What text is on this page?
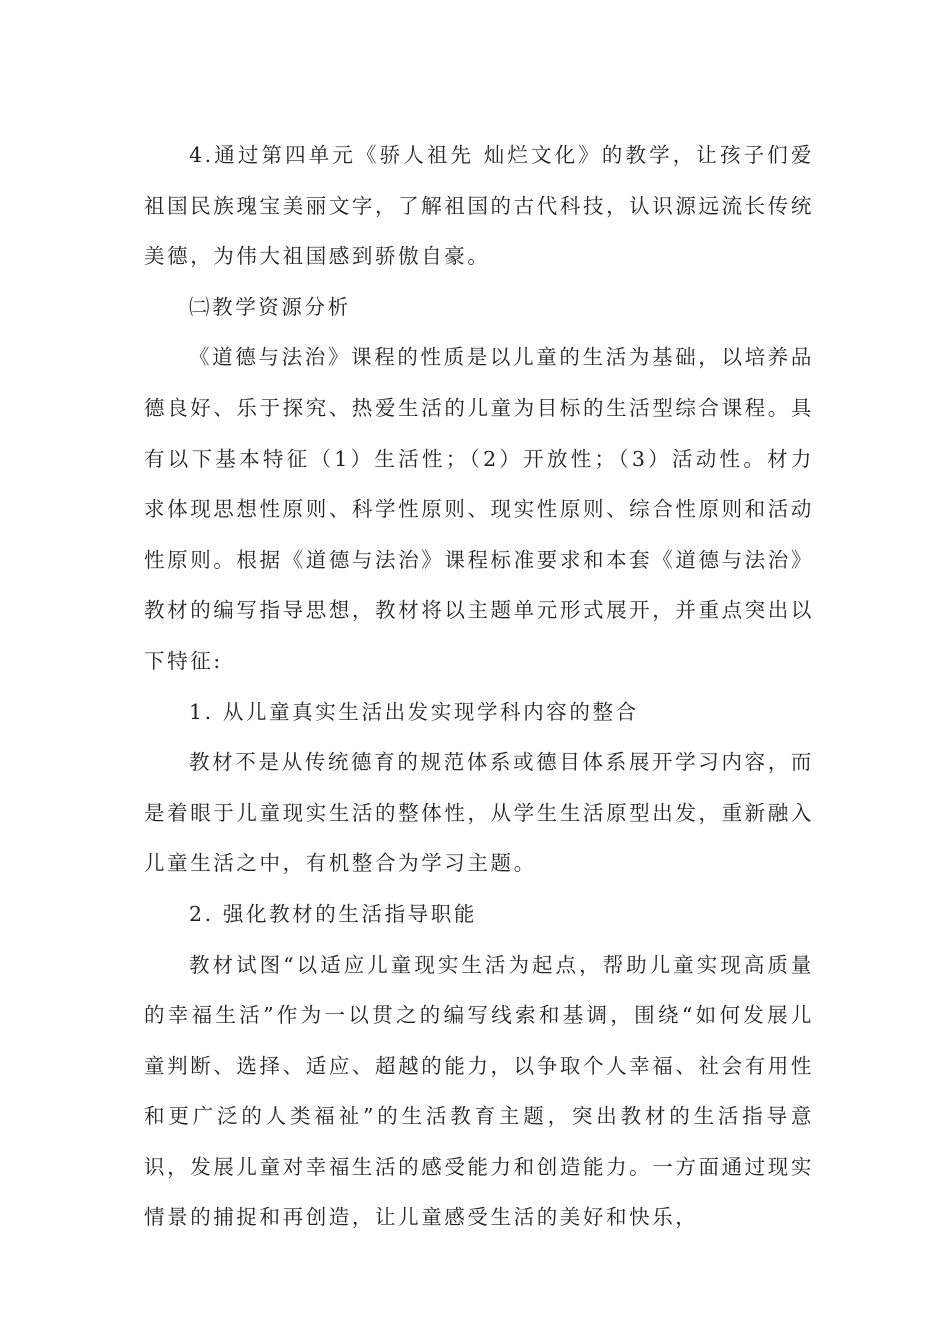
4.通过第四单元《骄人祖先 灿烂文化》的教学，让孩子们爱祖国民族瑰宝美丽文字，了解祖国的古代科技，认识源远流长传统美德，为伟大祖国感到骄傲自豪。

㈡教学资源分析

《道德与法治》课程的性质是以儿童的生活为基础，以培养品德良好、乐于探究、热爱生活的儿童为目标的生活型综合课程。具有以下基本特征（1）生活性；（2）开放性；（3）活动性。材力求体现思想性原则、科学性原则、现实性原则、综合性原则和活动性原则。根据《道德与法治》课程标准要求和本套《道德与法治》教材的编写指导思想，教材将以主题单元形式展开，并重点突出以下特征:

1. 从儿童真实生活出发实现学科内容的整合

教材不是从传统德育的规范体系或德目体系展开学习内容，而是着眼于儿童现实生活的整体性，从学生生活原型出发，重新融入儿童生活之中，有机整合为学习主题。

2. 强化教材的生活指导职能

教材试图“以适应儿童现实生活为起点，帮助儿童实现高质量的幸福生活”作为一以贯之的编写线索和基调，围绕“如何发展儿童判断、选择、适应、超越的能力，以争取个人幸福、社会有用性和更广泛的人类福祉”的生活教育主题，突出教材的生活指导意识，发展儿童对幸福生活的感受能力和创造能力。一方面通过现实情景的捕捉和再创造，让儿童感受生活的美好和快乐，
